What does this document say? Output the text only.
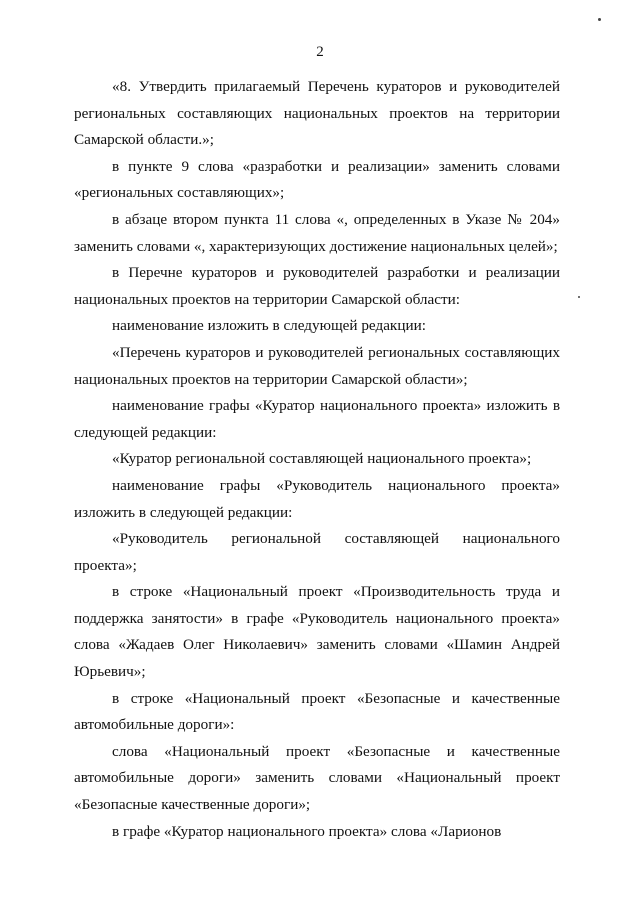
2

«8. Утвердить прилагаемый Перечень кураторов и руководителей региональных составляющих национальных проектов на территории Самарской области.»;

в пункте 9 слова «разработки и реализации» заменить словами «региональных составляющих»;

в абзаце втором пункта 11 слова «, определенных в Указе № 204» заменить словами «, характеризующих достижение национальных целей»;

в Перечне кураторов и руководителей разработки и реализации национальных проектов на территории Самарской области:

наименование изложить в следующей редакции:

«Перечень кураторов и руководителей региональных составляющих национальных проектов на территории Самарской области»;

наименование графы «Куратор национального проекта» изложить в следующей редакции:

«Куратор региональной составляющей национального проекта»;

наименование графы «Руководитель национального проекта» изложить в следующей редакции:

«Руководитель региональной составляющей национального проекта»;

в строке «Национальный проект «Производительность труда и поддержка занятости» в графе «Руководитель национального проекта» слова «Жадаев Олег Николаевич» заменить словами «Шамин Андрей Юрьевич»;

в строке «Национальный проект «Безопасные и качественные автомобильные дороги»:

слова «Национальный проект «Безопасные и качественные автомобильные дороги» заменить словами «Национальный проект «Безопасные качественные дороги»;

в графе «Куратор национального проекта» слова «Ларионов
